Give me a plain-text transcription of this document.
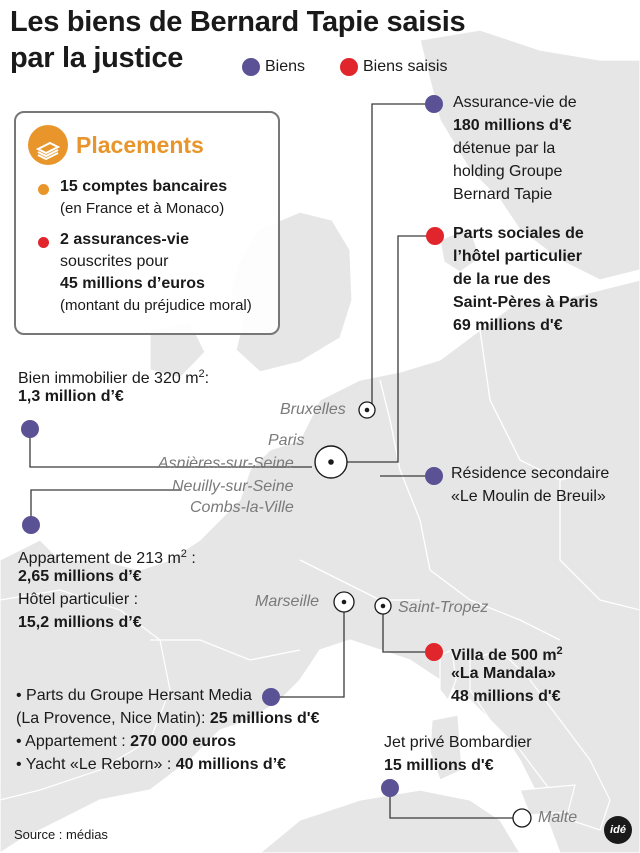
Les biens de Bernard Tapie saisis par la justice	Biens	Biens saisis
Placements
15 comptes bancaires
(en France et à Monaco)
2 assurances-vie
souscrites pour
45 millions d’euros
(montant du préjudice moral)
Assurance-vie de
180 millions d'€
détenue par la
holding Groupe
Bernard Tapie
Parts sociales de
l’hôtel particulier
de la rue des
Saint-Pères à Paris
69 millions d'€
Bien immobilier de 320 $m^2$:
1,3 million d’€
Bruxelles
Paris
Asnières-sur-Seine
Neuilly-sur-Seine
Combs-la-Ville
Marseille	Saint-Tropez
Malte
Résidence secondaire
«Le Moulin de Breuil»
Appartement de 213 $m^2$ :
2,65 millions d’€
Hôtel particulier :
15,2 millions d’€
Villa de 500 $m^2$
«La Mandala»
48 millions d'€
• Parts du Groupe Hersant Media
(La Provence, Nice Matin): 25 millions d'€
• Appartement : 270 000 euros
• Yacht «Le Reborn» : 40 millions d’€
Jet privé Bombardier
15 millions d'€
Source : médias	idé
